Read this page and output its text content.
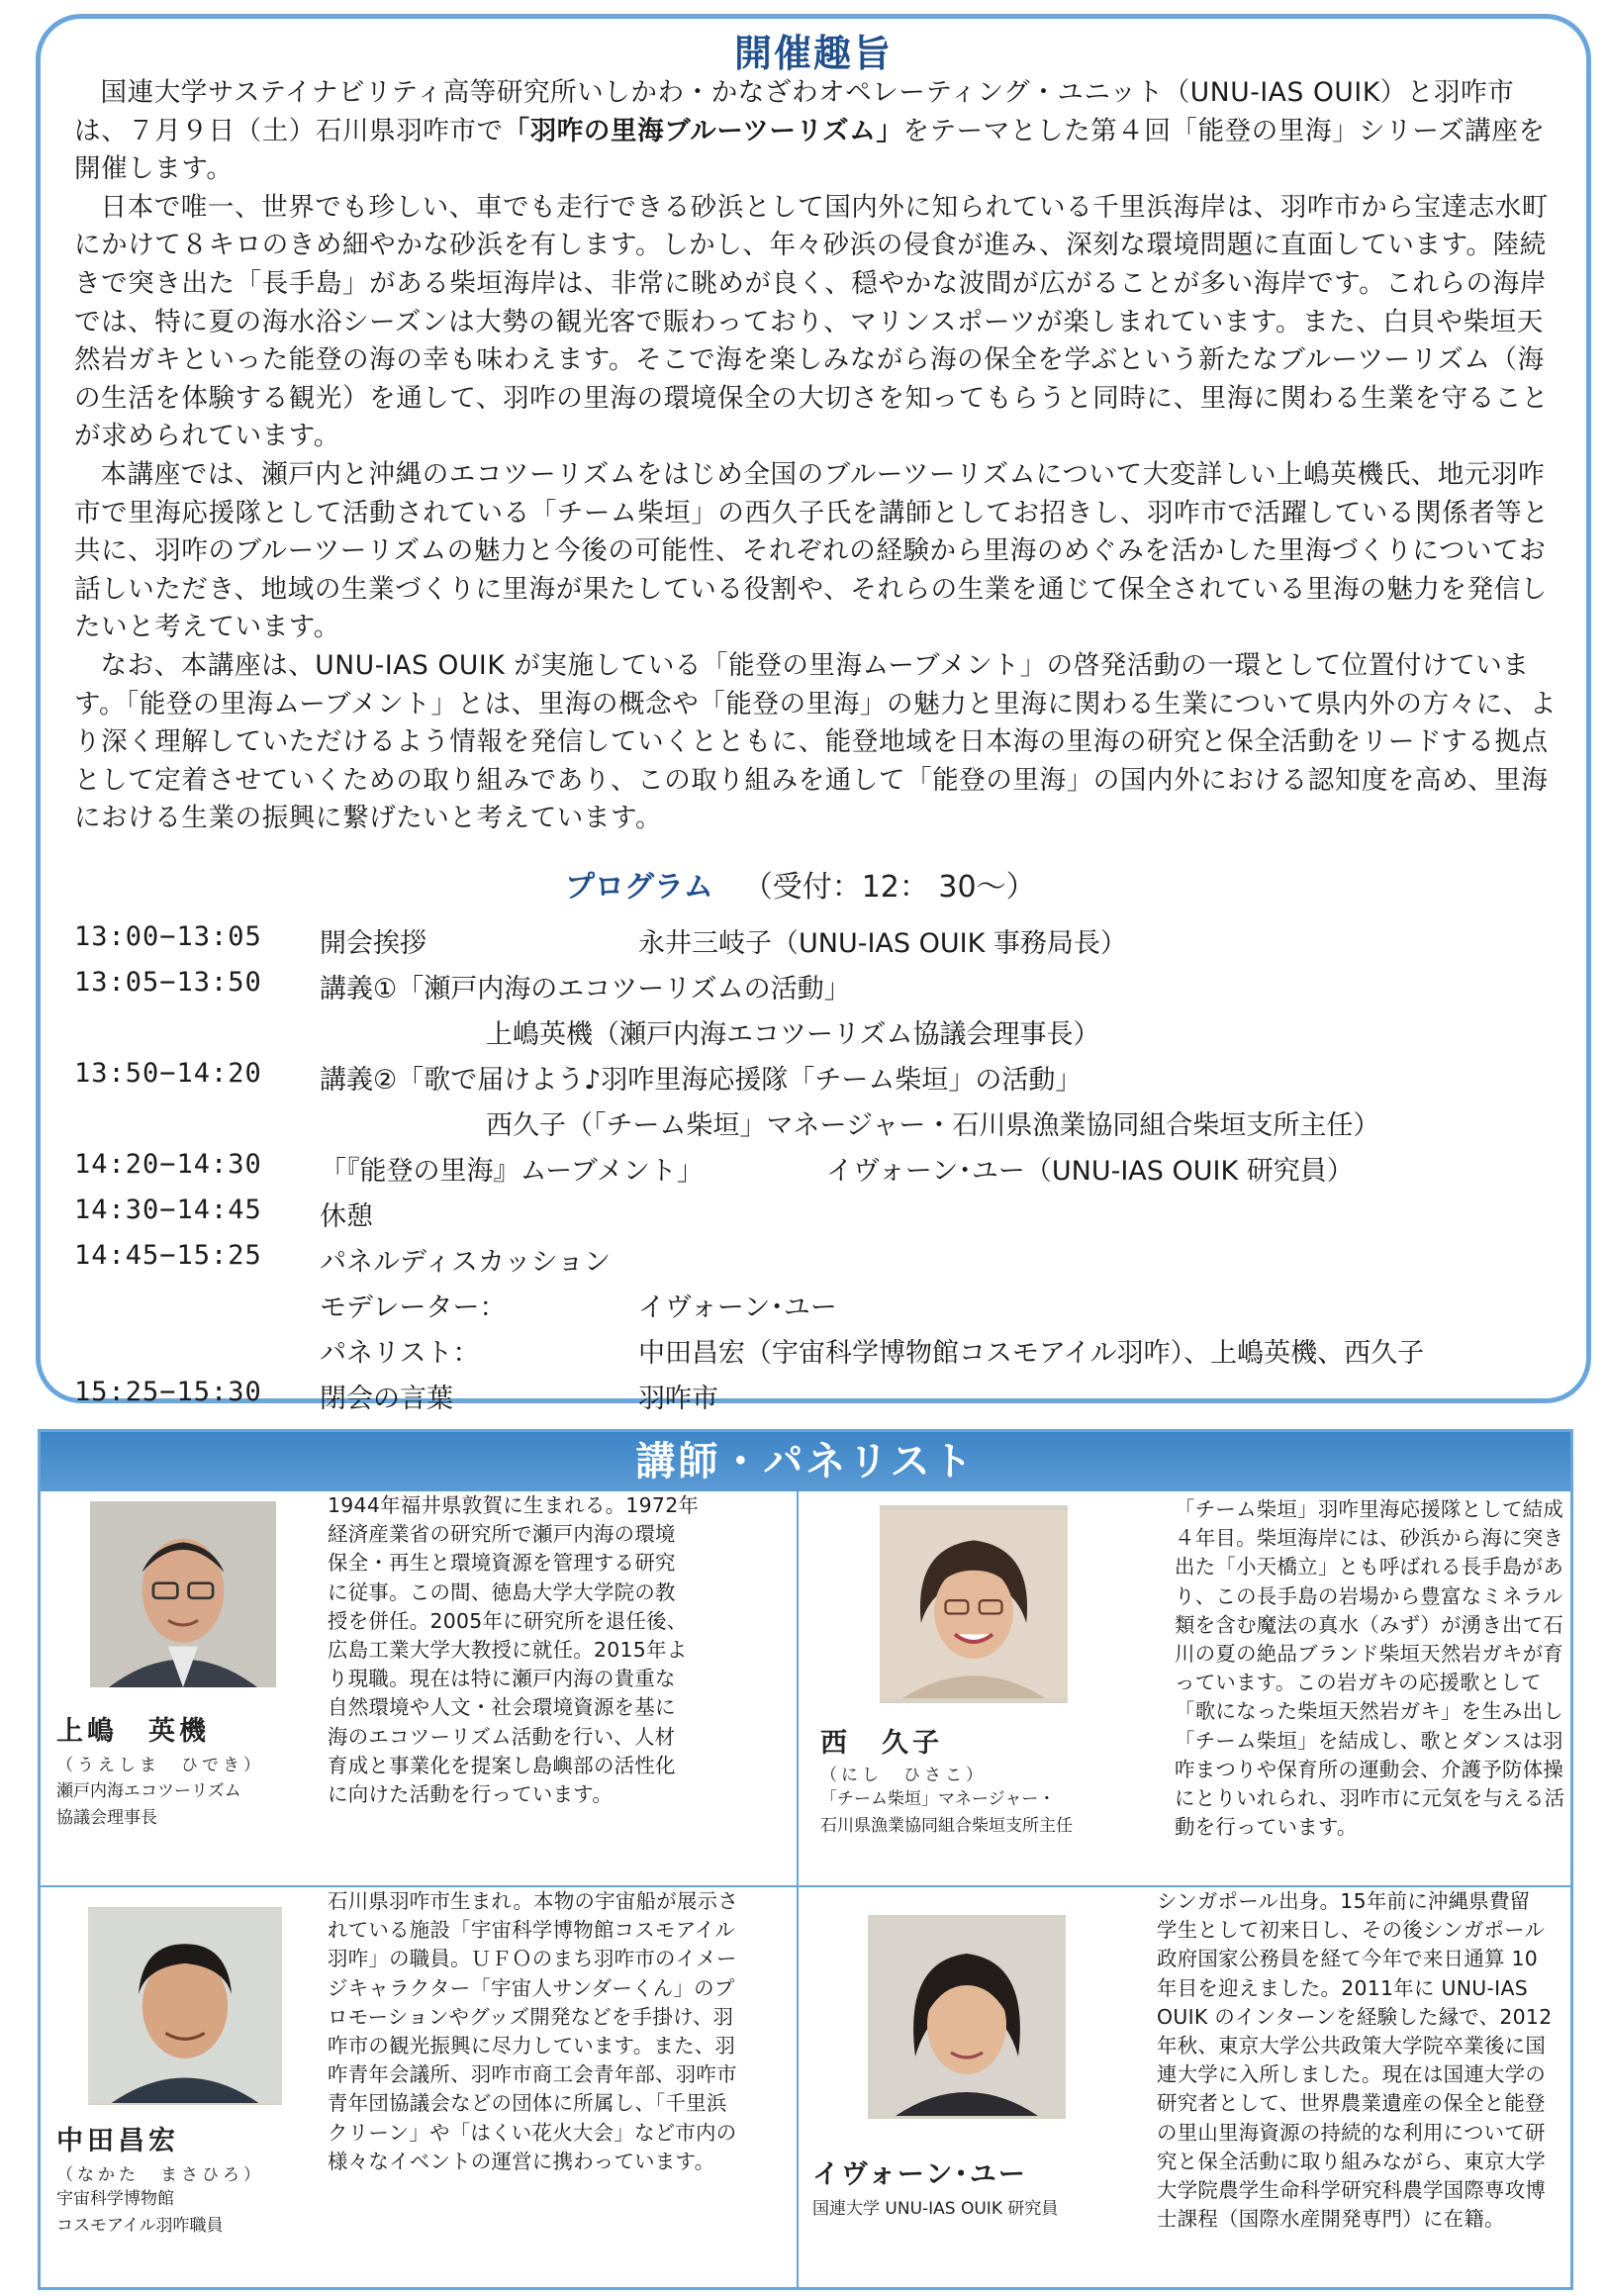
開催趣旨

国連大学サステイナビリティ高等研究所いしかわ・かなざわオペレーティング・ユニット（UNU-IAS OUIK）と羽咋市は、７月９日（土）石川県羽咋市で「羽咋の里海ブルーツーリズム」をテーマとした第４回「能登の里海」シリーズ講座を開催します。

日本で唯一、世界でも珍しい、車でも走行できる砂浜として国内外に知られている千里浜海岸は、羽咋市から宝達志水町にかけて８キロのきめ細やかな砂浜を有します。しかし、年々砂浜の侵食が進み、深刻な環境問題に直面しています。陸続きで突き出た「長手島」がある柴垣海岸は、非常に眺めが良く、穏やかな波間が広がることが多い海岸です。これらの海岸では、特に夏の海水浴シーズンは大勢の観光客で賑わっており、マリンスポーツが楽しまれています。また、白貝や柴垣天然岩ガキといった能登の海の幸も味わえます。そこで海を楽しみながら海の保全を学ぶという新たなブルーツーリズム（海の生活を体験する観光）を通して、羽咋の里海の環境保全の大切さを知ってもらうと同時に、里海に関わる生業を守ることが求められています。

本講座では、瀬戸内と沖縄のエコツーリズムをはじめ全国のブルーツーリズムについて大変詳しい上嶋英機氏、地元羽咋市で里海応援隊として活動されている「チーム柴垣」の西久子氏を講師としてお招きし、羽咋市で活躍している関係者等と共に、羽咋のブルーツーリズムの魅力と今後の可能性、それぞれの経験から里海のめぐみを活かした里海づくりについてお話しいただき、地域の生業づくりに里海が果たしている役割や、それらの生業を通じて保全されている里海の魅力を発信したいと考えています。

なお、本講座は、UNU-IAS OUIK が実施している「能登の里海ムーブメント」の啓発活動の一環として位置付けています。「能登の里海ムーブメント」とは、里海の概念や「能登の里海」の魅力と里海に関わる生業について県内外の方々に、より深く理解していただけるよう情報を発信していくとともに、能登地域を日本海の里海の研究と保全活動をリードする拠点として定着させていくための取り組みであり、この取り組みを通して「能登の里海」の国内外における認知度を高め、里海における生業の振興に繋げたいと考えています。

プログラム （受付：12： 30～）
13:00−13:05 開会挨拶	永井三岐子（UNU-IAS OUIK 事務局長）
13:05−13:50 講義①「瀬戸内海のエコツーリズムの活動」
上嶋英機（瀬戸内海エコツーリズム協議会理事長）
13:50−14:20 講義②「歌で届けよう♪羽咋里海応援隊「チーム柴垣」の活動」
西久子（「チーム柴垣」マネージャー・石川県漁業協同組合柴垣支所主任）
14:20−14:30 「『能登の里海』ムーブメント」	イヴォーン･ユー（UNU-IAS OUIK 研究員）
14:30−14:45 休憩
14:45−15:25 パネルディスカッション
モデレーター：	イヴォーン･ユー
パネリスト：	中田昌宏（宇宙科学博物館コスモアイル羽咋）、上嶋英機、西久子
15:25−15:30 閉会の言葉	羽咋市
講師・パネリスト
上嶋　英機
（うえしま　ひでき）
瀬戸内海エコツーリズム
協議会理事長
1944年福井県敦賀に生まれる。1972年
経済産業省の研究所で瀬戸内海の環境
保全・再生と環境資源を管理する研究
に従事。この間、徳島大学大学院の教
授を併任。2005年に研究所を退任後、
広島工業大学大教授に就任。2015年よ
り現職。現在は特に瀬戸内海の貴重な
自然環境や人文・社会環境資源を基に
海のエコツーリズム活動を行い、人材
育成と事業化を提案し島嶼部の活性化
に向けた活動を行っています。
西　久子
（にし　ひさこ）
「チーム柴垣」マネージャー・
石川県漁業協同組合柴垣支所主任
「チーム柴垣」羽咋里海応援隊として結成
４年目。柴垣海岸には、砂浜から海に突き
出た「小天橋立」とも呼ばれる長手島があ
り、この長手島の岩場から豊富なミネラル
類を含む魔法の真水（みず）が湧き出て石
川の夏の絶品ブランド柴垣天然岩ガキが育
っています。この岩ガキの応援歌として
「歌になった柴垣天然岩ガキ」を生み出し
「チーム柴垣」を結成し、歌とダンスは羽
咋まつりや保育所の運動会、介護予防体操
にとりいれられ、羽咋市に元気を与える活
動を行っています。
中田昌宏
（なかた　まさひろ）
宇宙科学博物館
コスモアイル羽咋職員
石川県羽咋市生まれ。本物の宇宙船が展示さ
れている施設「宇宙科学博物館コスモアイル
羽咋」の職員。ＵＦＯのまち羽咋市のイメー
ジキャラクター「宇宙人サンダーくん」のプ
ロモーションやグッズ開発などを手掛け、羽
咋市の観光振興に尽力しています。また、羽
咋青年会議所、羽咋市商工会青年部、羽咋市
青年団協議会などの団体に所属し、「千里浜
クリーン」や「はくい花火大会」など市内の
様々なイベントの運営に携わっています。	イヴォーン･ユー
国連大学 UNU-IAS OUIK 研究員
シンガポール出身。15年前に沖縄県費留
学生として初来日し、その後シンガポール
政府国家公務員を経て今年で来日通算 10
年目を迎えました。2011年に UNU-IAS
OUIK のインターンを経験した縁で、2012
年秋、東京大学公共政策大学院卒業後に国
連大学に入所しました。現在は国連大学の
研究者として、世界農業遺産の保全と能登
の里山里海資源の持続的な利用について研
究と保全活動に取り組みながら、東京大学
大学院農学生命科学研究科農学国際専攻博
士課程（国際水産開発専門）に在籍。
